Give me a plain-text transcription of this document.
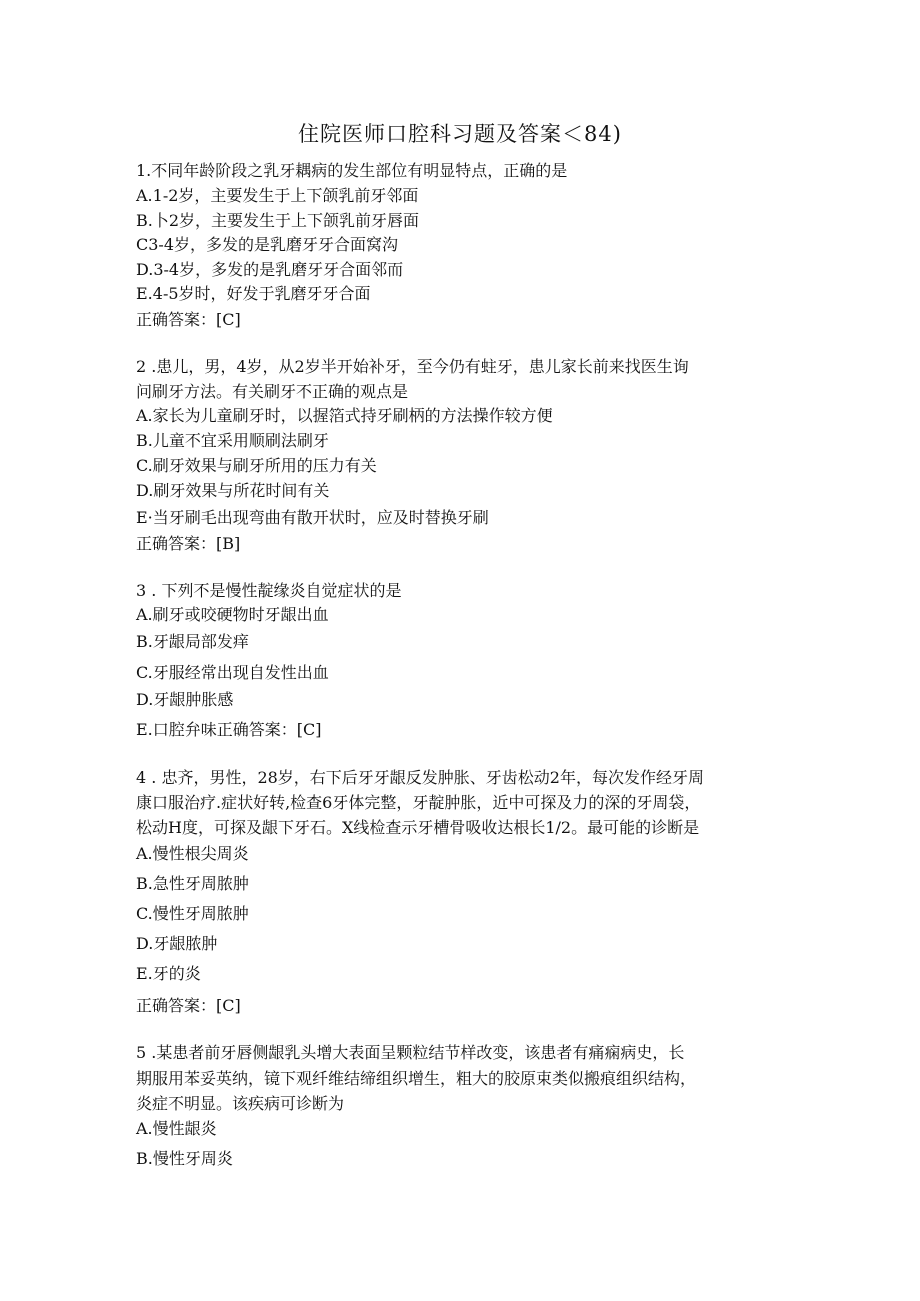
住院医师口腔科习题及答案＜84)
1.不同年龄阶段之乳牙耦病的发生部位有明显特点，正确的是
A.1-2岁，主要发生于上下颌乳前牙邻面
B.卜2岁，主要发生于上下颌乳前牙唇面
C3-4岁，多发的是乳磨牙牙合面窝沟
D.3-4岁，多发的是乳磨牙牙合面邻而
E.4-5岁时，好发于乳磨牙牙合面
正确答案：[C]
2 .患儿，男，4岁，从2岁半开始补牙，至今仍有蛀牙，患儿家长前来找医生询
问刷牙方法。有关刷牙不正确的观点是
A.家长为儿童刷牙时，以握箔式持牙刷柄的方法操作较方便
B.儿童不宜采用顺刷法刷牙
C.刷牙效果与刷牙所用的压力有关
D.刷牙效果与所花时间有关
E·当牙刷毛出现弯曲有散开状时，应及时替换牙刷
正确答案：[B]
3 . 下列不是慢性靛缘炎自觉症状的是
A.刷牙或咬硬物时牙龈出血
B.牙龈局部发痒
C.牙服经常出现自发性出血
D.牙龈肿胀感
E.口腔弁味正确答案：[C]
4 . 忠齐，男性，28岁，右下后牙牙龈反发肿胀、牙齿松动2年，每次发作经牙周
康口服治疗.症状好转,检查6牙体完整，牙靛肿胀，近中可探及力的深的牙周袋，
松动H度，可探及龈下牙石。X线检查示牙槽骨吸收达根长1/2。最可能的诊断是
A.慢性根尖周炎
B.急性牙周脓肿
C.慢性牙周脓肿
D.牙龈脓肿
E.牙的炎
正确答案：[C]
5 .某患者前牙唇侧龈乳头增大表面呈颗粒结节样改变，该患者有痛痫病史，长
期服用苯妥英纳，镜下观纤维结缔组织增生，粗大的胶原束类似搬痕组织结构，
炎症不明显。该疾病可诊断为
A.慢性龈炎
B.慢性牙周炎
